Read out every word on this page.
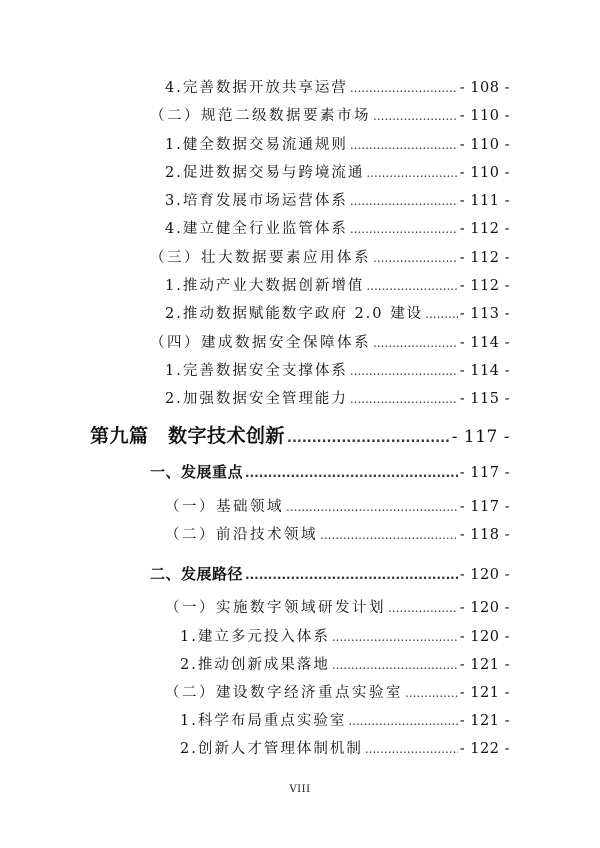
4.完善数据开放共享运营 .....	- 108 -
（二）规范二级数据要素市场 .....	- 110 -
1.健全数据交易流通规则 .....	- 110 -
2.促进数据交易与跨境流通 .....	- 110 -
3.培育发展市场运营体系 .....	- 111 -
4.建立健全行业监管体系 .....	- 112 -
（三）壮大数据要素应用体系 .....	- 112 -
1.推动产业大数据创新增值 .....	- 112 -
2.推动数据赋能数字政府 2.0 建设 .....	- 113 -
（四）建成数据安全保障体系 .....	- 114 -
1.完善数据安全支撑体系 .....	- 114 -
2.加强数据安全管理能力 .....	- 115 -
第九篇　数字技术创新 .....	- 117 -
一、发展重点 .....	- 117 -
（一）基础领域 .....	- 117 -
（二）前沿技术领域 .....	- 118 -
二、发展路径 .....	- 120 -
（一）实施数字领域研发计划 .....	- 120 -
1.建立多元投入体系 .....	- 120 -
2.推动创新成果落地 .....	- 121 -
（二）建设数字经济重点实验室 .....	- 121 -
1.科学布局重点实验室 .....	- 121 -
2.创新人才管理体制机制 .....	- 122 -
VIII
